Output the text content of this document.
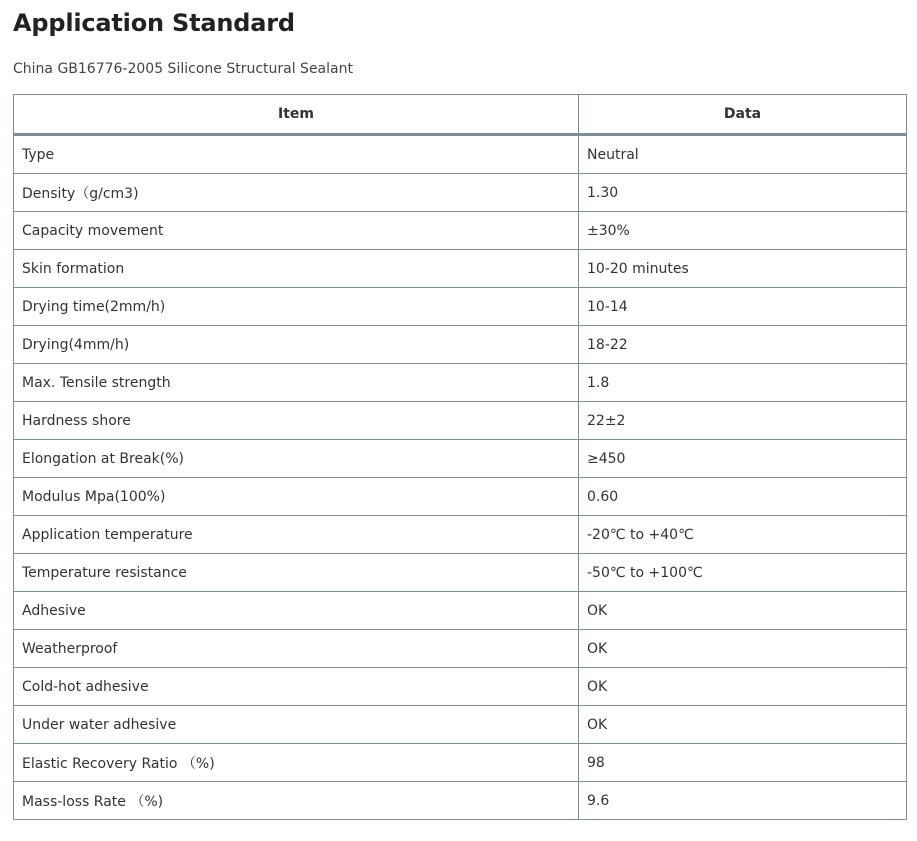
Application Standard

China GB16776-2005 Silicone Structural Sealant

Item	Data
Type	Neutral
Density（g/cm3)	1.30
Capacity movement	±30%
Skin formation	10-20 minutes
Drying time(2mm/h)	10-14
Drying(4mm/h)	18-22
Max. Tensile strength	1.8
Hardness shore	22±2
Elongation at Break(%)	≥450
Modulus Mpa(100%)	0.60
Application temperature	-20℃ to +40℃
Temperature resistance	-50℃ to +100℃
Adhesive	OK
Weatherproof	OK
Cold-hot adhesive	OK
Under water adhesive	OK
Elastic Recovery Ratio （%)	98
Mass-loss Rate （%)	9.6
